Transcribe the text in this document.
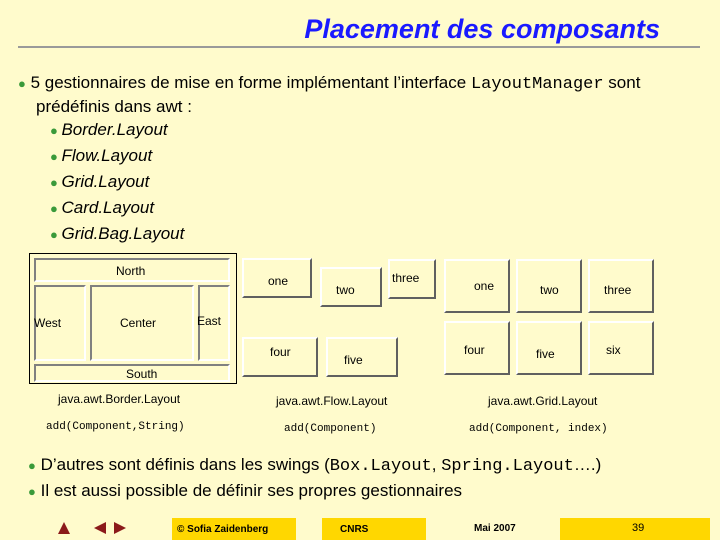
Placement des composants
● 5 gestionnaires de mise en forme implémentant l’interface LayoutManager sont
prédéfinis dans awt :
● Border.Layout
● Flow.Layout
● Grid.Layout
● Card.Layout
● Grid.Bag.Layout
North
West	Center
South
East
one
two
three
four
five
one	two	three
four	five	six
java.awt.Border.Layout	java.awt.Flow.Layout	java.awt.Grid.Layout
add(Component,String)	add(Component)	add(Component, index)
● D’autres sont définis dans les swings (Box.Layout, Spring.Layout….)
● Il est aussi possible de définir ses propres gestionnaires
© Sofia Zaidenberg	CNRS	Mai 2007	39
